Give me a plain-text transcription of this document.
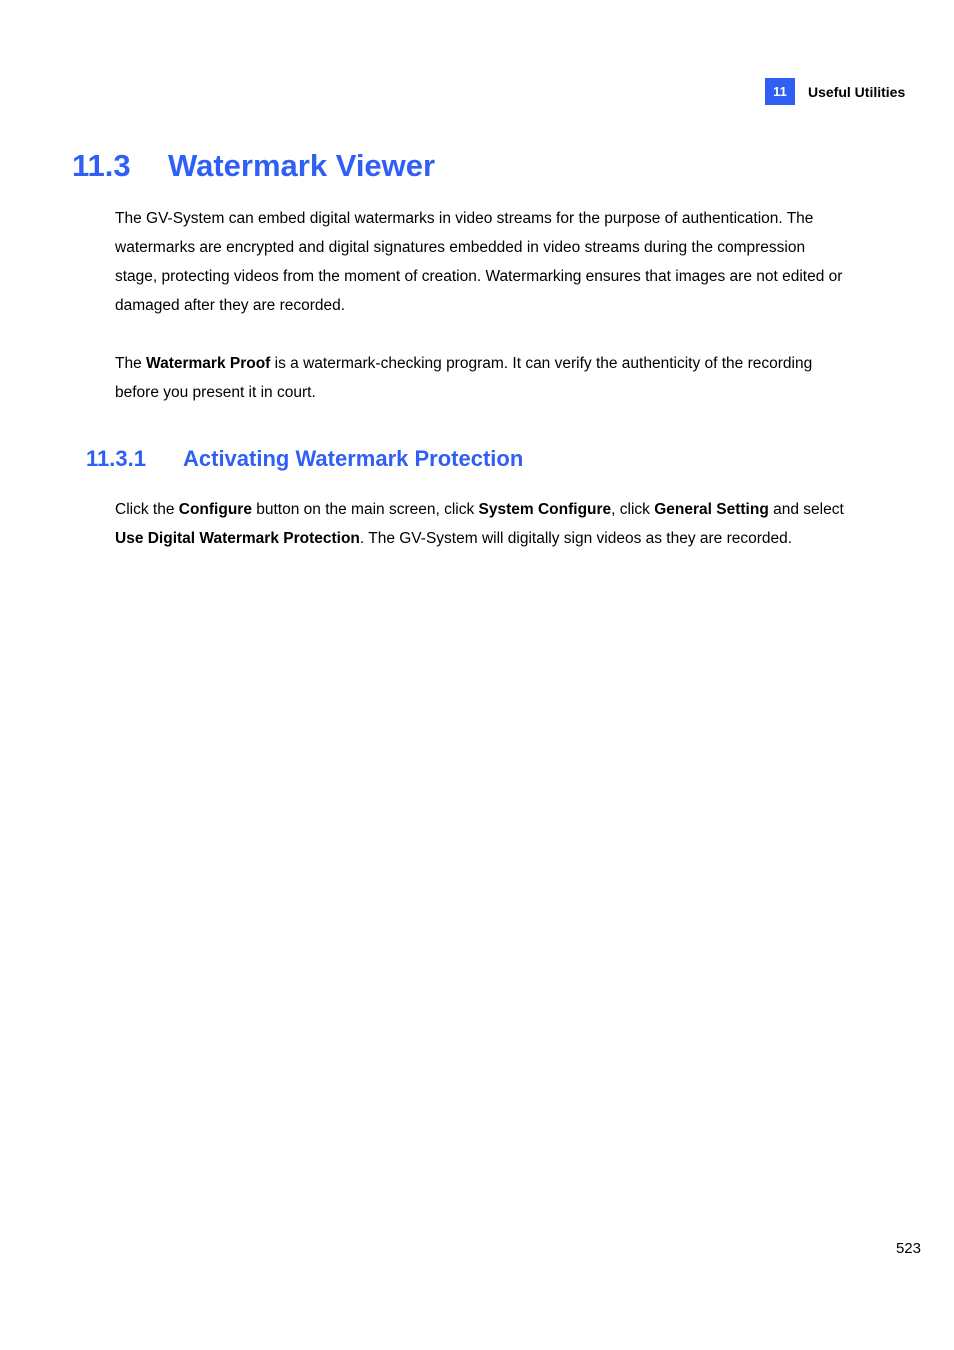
11	Useful Utilities
11.3 Watermark Viewer

The GV-System can embed digital watermarks in video streams for the purpose of authentication. The watermarks are encrypted and digital signatures embedded in video streams during the compression stage, protecting videos from the moment of creation. Watermarking ensures that images are not edited or damaged after they are recorded.

The Watermark Proof is a watermark-checking program. It can verify the authenticity of the recording before you present it in court.

11.3.1 Activating Watermark Protection

Click the Configure button on the main screen, click System Configure, click General Setting and select Use Digital Watermark Protection. The GV-System will digitally sign videos as they are recorded.

523
